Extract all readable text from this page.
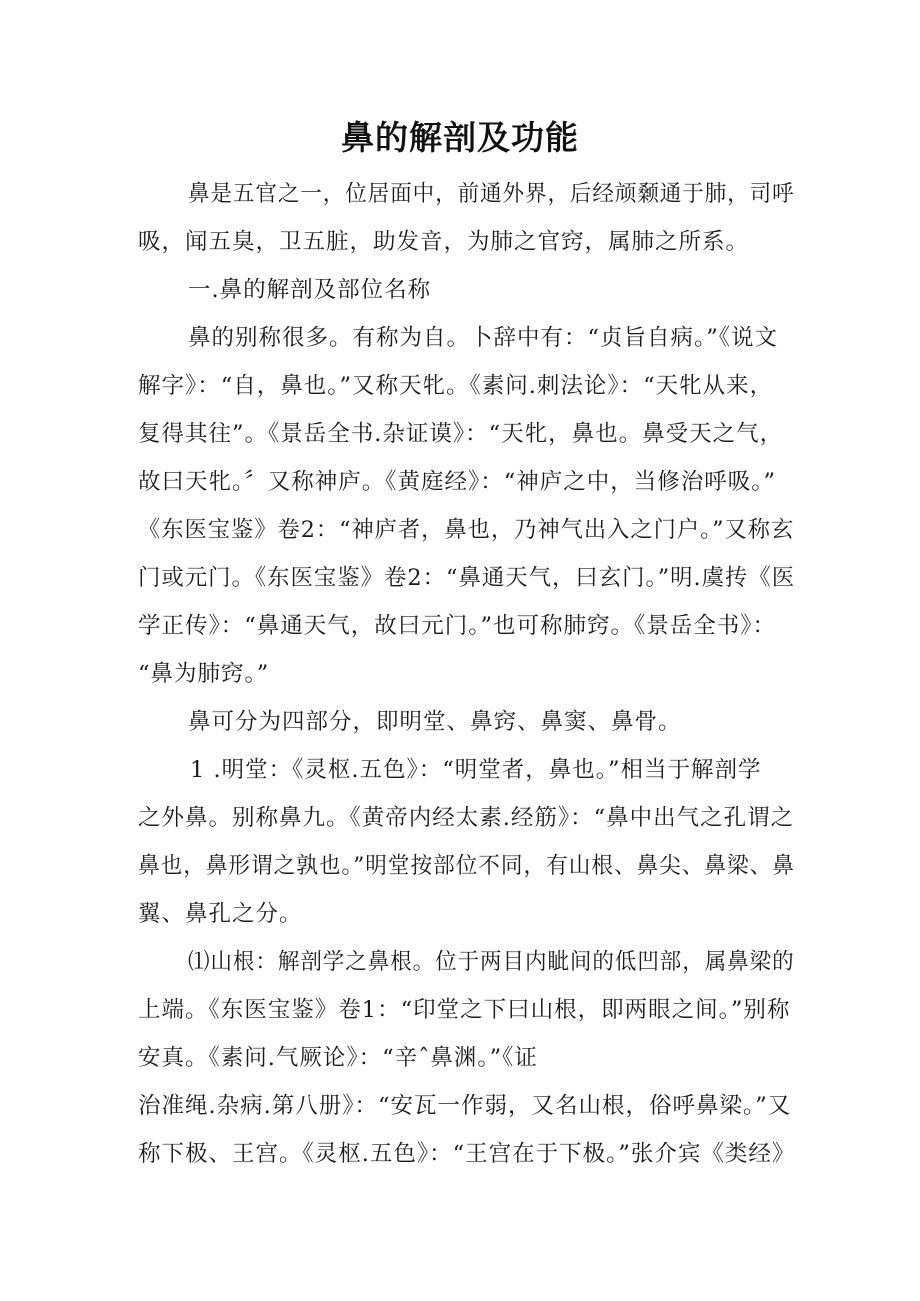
鼻的解剖及功能
鼻是五官之一，位居面中，前通外界，后经颃颡通于肺，司呼
吸，闻五臭，卫五脏，助发音，为肺之官窍，属肺之所系。
一.鼻的解剖及部位名称
鼻的别称很多。有称为自。卜辞中有：“贞旨自病。”《说文
解字》：“自，鼻也。”又称天牝。《素问.刺法论》：“天牝从来，
复得其往”。《景岳全书.杂证谟》：“天牝，鼻也。鼻受天之气，
故曰天牝。〞又称神庐。《黄庭经》：“神庐之中，当修治呼吸。”
《东医宝鉴》卷2：“神庐者，鼻也，乃神气出入之门户。”又称玄
门或元门。《东医宝鉴》卷2：“鼻通天气，曰玄门。”明.虞抟《医
学正传》：“鼻通天气，故曰元门。”也可称肺窍。《景岳全书》：
“鼻为肺窍。”
鼻可分为四部分，即明堂、鼻窍、鼻窦、鼻骨。
1 .明堂：《灵枢.五色》：“明堂者，鼻也。”相当于解剖学
之外鼻。别称鼻九。《黄帝内经太素.经筋》：“鼻中出气之孔谓之
鼻也，鼻形谓之孰也。”明堂按部位不同，有山根、鼻尖、鼻梁、鼻
翼、鼻孔之分。
⑴山根：解剖学之鼻根。位于两目内眦间的低凹部，属鼻梁的
上端。《东医宝鉴》卷1：“印堂之下曰山根，即两眼之间。”别称
安真。《素问.气厥论》：“辛ˆ鼻渊。”《证
治准绳.杂病.第八册》：“安瓦一作弱，又名山根，俗呼鼻梁。”又
称下极、王宫。《灵枢.五色》：“王宫在于下极。”张介宾《类经》
